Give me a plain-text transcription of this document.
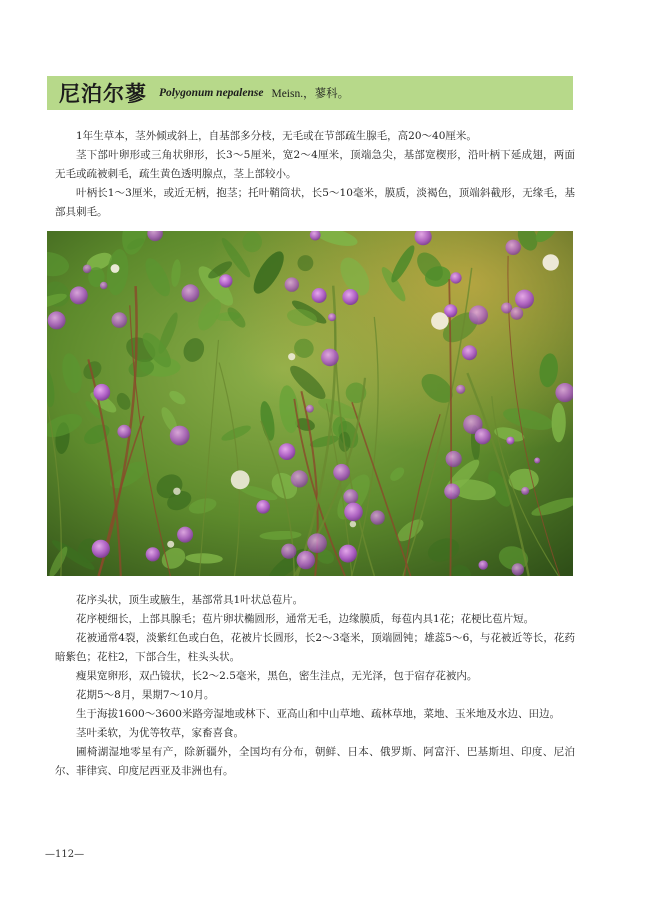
尼泊尔蓼 Polygonum nepalense Meisn.，蓼科。

1年生草本，茎外倾或斜上，自基部多分枝，无毛或在节部疏生腺毛，高20～40厘米。

茎下部叶卵形或三角状卵形，长3～5厘米，宽2～4厘米，顶端急尖，基部宽楔形，沿叶柄下延成翅，两面无毛或疏被刺毛，疏生黄色透明腺点，茎上部较小。

叶柄长1～3厘米，或近无柄，抱茎；托叶鞘筒状，长5～10毫米，膜质，淡褐色，顶端斜截形，无缘毛，基部具刺毛。

花序头状，顶生或腋生，基部常具1叶状总苞片。

花序梗细长，上部具腺毛；苞片卵状椭圆形，通常无毛，边缘膜质，每苞内具1花；花梗比苞片短。

花被通常4裂，淡紫红色或白色，花被片长圆形，长2～3毫米，顶端圆钝；雄蕊5～6，与花被近等长，花药暗紫色；花柱2，下部合生，柱头头状。

瘦果宽卵形，双凸镜状，长2～2.5毫米，黑色，密生洼点，无光泽，包于宿存花被内。

花期5～8月，果期7～10月。

生于海拔1600～3600米路旁湿地或林下、亚高山和中山草地、疏林草地，菜地、玉米地及水边、田边。

茎叶柔软，为优等牧草，家畜喜食。

圃椅湖湿地零星有产，除新疆外，全国均有分布，朝鲜、日本、俄罗斯、阿富汗、巴基斯坦、印度、尼泊尔、菲律宾、印度尼西亚及非洲也有。

—112—
